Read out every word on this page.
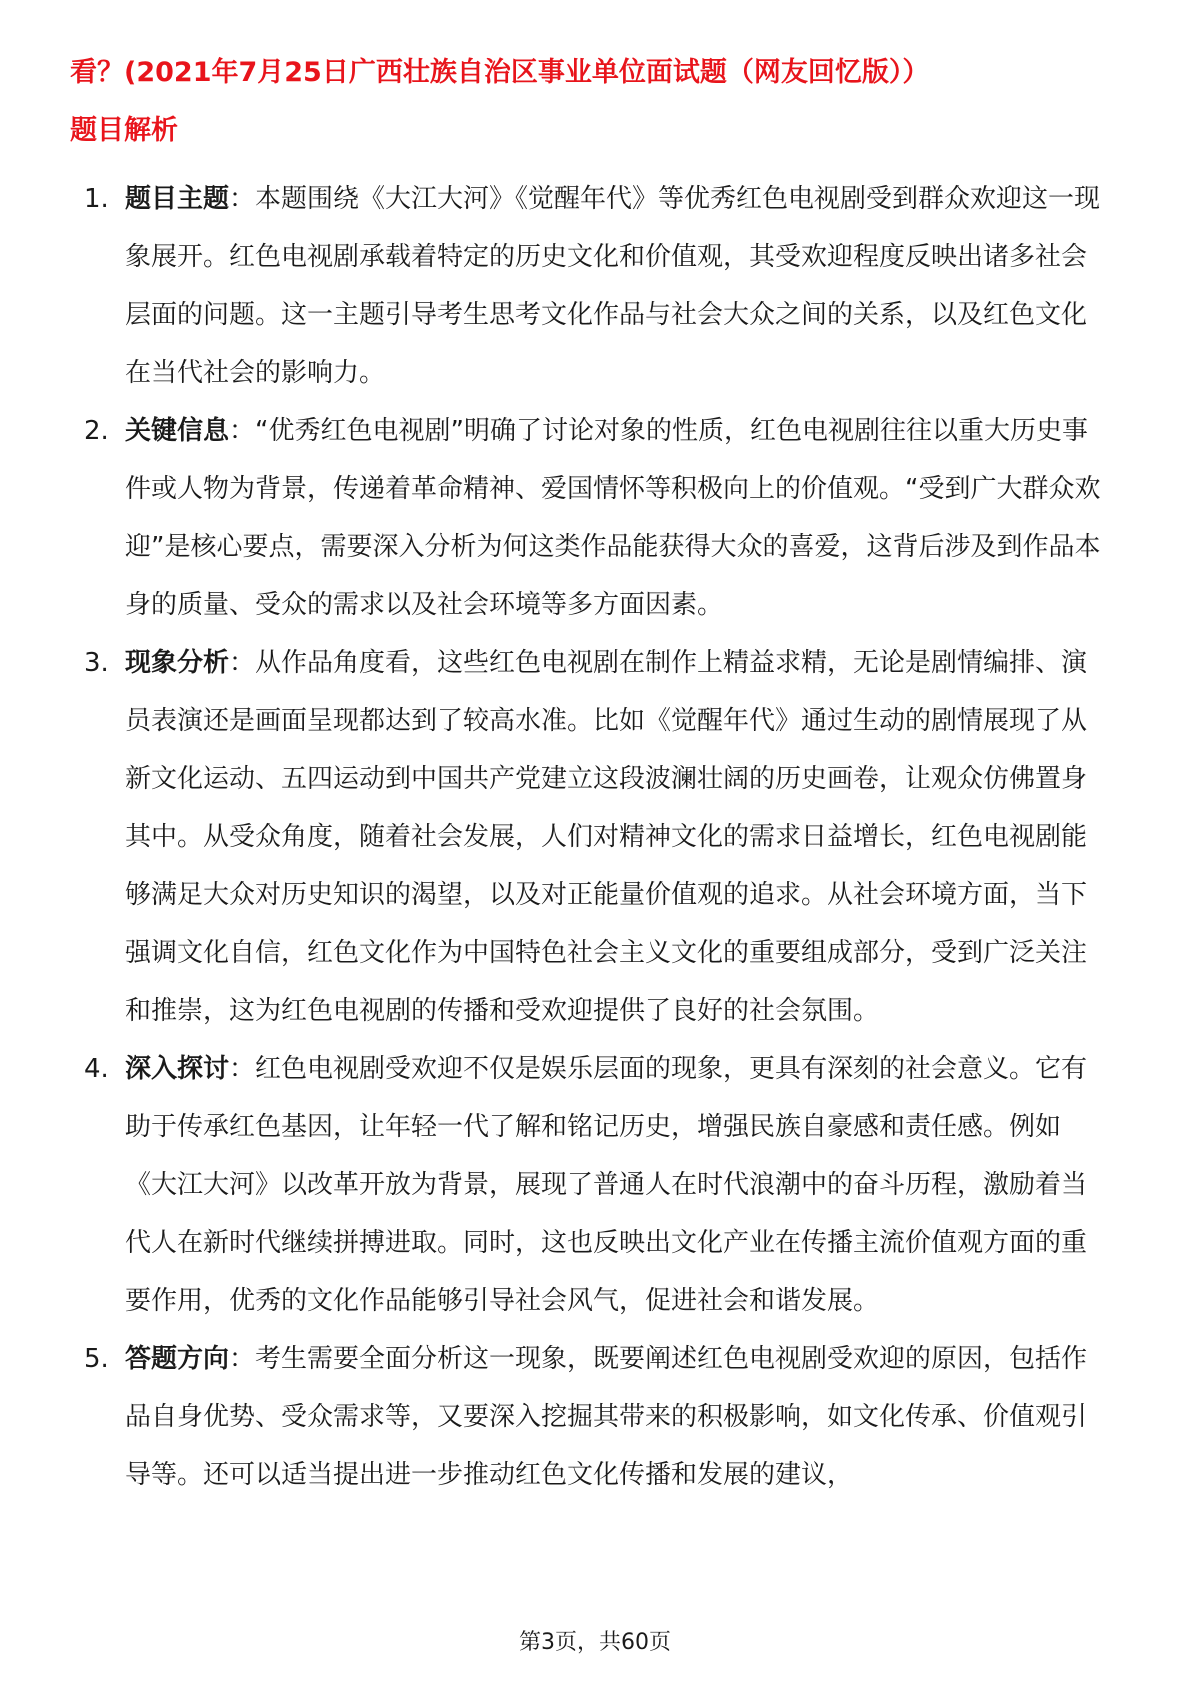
看？(2021年7月25日广西壮族自治区事业单位面试题（网友回忆版））
题目解析
1. 题目主题：本题围绕《大江大河》《觉醒年代》等优秀红色电视剧受到群众欢迎这一现象展开。红色电视剧承载着特定的历史文化和价值观，其受欢迎程度反映出诸多社会层面的问题。这一主题引导考生思考文化作品与社会大众之间的关系，以及红色文化在当代社会的影响力。
2. 关键信息：“优秀红色电视剧”明确了讨论对象的性质，红色电视剧往往以重大历史事件或人物为背景，传递着革命精神、爱国情怀等积极向上的价值观。“受到广大群众欢迎”是核心要点，需要深入分析为何这类作品能获得大众的喜爱，这背后涉及到作品本身的质量、受众的需求以及社会环境等多方面因素。
3. 现象分析：从作品角度看，这些红色电视剧在制作上精益求精，无论是剧情编排、演员表演还是画面呈现都达到了较高水准。比如《觉醒年代》通过生动的剧情展现了从新文化运动、五四运动到中国共产党建立这段波澜壮阔的历史画卷，让观众仿佛置身其中。从受众角度，随着社会发展，人们对精神文化的需求日益增长，红色电视剧能够满足大众对历史知识的渴望，以及对正能量价值观的追求。从社会环境方面，当下强调文化自信，红色文化作为中国特色社会主义文化的重要组成部分，受到广泛关注和推崇，这为红色电视剧的传播和受欢迎提供了良好的社会氛围。
4. 深入探讨：红色电视剧受欢迎不仅是娱乐层面的现象，更具有深刻的社会意义。它有助于传承红色基因，让年轻一代了解和铭记历史，增强民族自豪感和责任感。例如《大江大河》以改革开放为背景，展现了普通人在时代浪潮中的奋斗历程，激励着当代人在新时代继续拼搏进取。同时，这也反映出文化产业在传播主流价值观方面的重要作用，优秀的文化作品能够引导社会风气，促进社会和谐发展。
5. 答题方向：考生需要全面分析这一现象，既要阐述红色电视剧受欢迎的原因，包括作品自身优势、受众需求等，又要深入挖掘其带来的积极影响，如文化传承、价值观引导等。还可以适当提出进一步推动红色文化传播和发展的建议，
第3页，共60页
